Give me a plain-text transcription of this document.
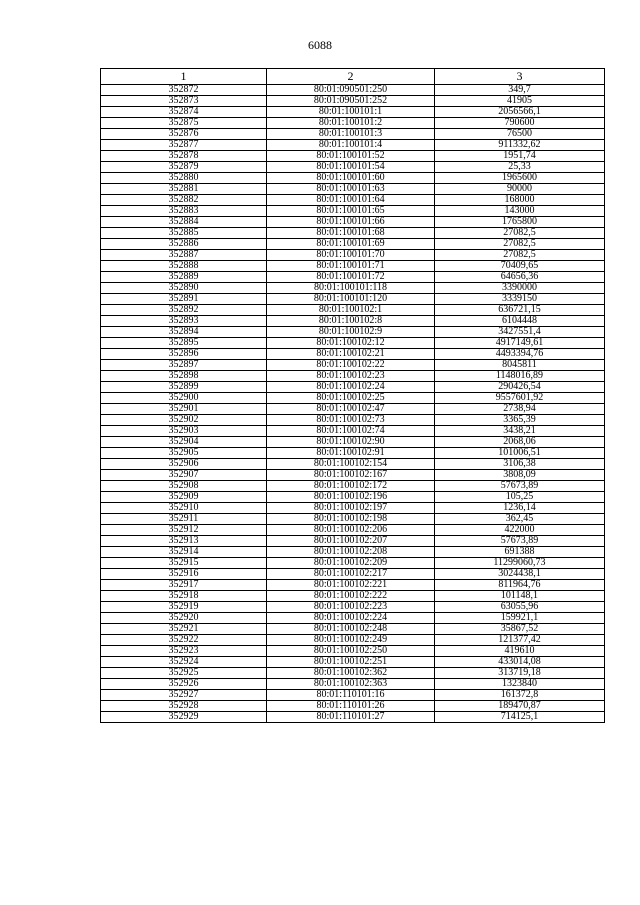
6088
1	2	3
352872	80:01:090501:250	349,7
352873	80:01:090501:252	41905
352874	80:01:100101:1	2056566,1
352875	80:01:100101:2	790600
352876	80:01:100101:3	76500
352877	80:01:100101:4	911332,62
352878	80:01:100101:52	1951,74
352879	80:01:100101:54	25,33
352880	80:01:100101:60	1965600
352881	80:01:100101:63	90000
352882	80:01:100101:64	168000
352883	80:01:100101:65	143000
352884	80:01:100101:66	1765800
352885	80:01:100101:68	27082,5
352886	80:01:100101:69	27082,5
352887	80:01:100101:70	27082,5
352888	80:01:100101:71	70409,65
352889	80:01:100101:72	64656,36
352890	80:01:100101:118	3390000
352891	80:01:100101:120	3339150
352892	80:01:100102:1	636721,15
352893	80:01:100102:8	6104448
352894	80:01:100102:9	3427551,4
352895	80:01:100102:12	4917149,61
352896	80:01:100102:21	4493394,76
352897	80:01:100102:22	8045811
352898	80:01:100102:23	1148016,89
352899	80:01:100102:24	290426,54
352900	80:01:100102:25	9557601,92
352901	80:01:100102:47	2738,94
352902	80:01:100102:73	3365,39
352903	80:01:100102:74	3438,21
352904	80:01:100102:90	2068,06
352905	80:01:100102:91	101006,51
352906	80:01:100102:154	3106,38
352907	80:01:100102:167	3808,09
352908	80:01:100102:172	57673,89
352909	80:01:100102:196	105,25
352910	80:01:100102:197	1236,14
352911	80:01:100102:198	362,45
352912	80:01:100102:206	422000
352913	80:01:100102:207	57673,89
352914	80:01:100102:208	691388
352915	80:01:100102:209	11299060,73
352916	80:01:100102:217	3024438,1
352917	80:01:100102:221	811964,76
352918	80:01:100102:222	101148,1
352919	80:01:100102:223	63055,96
352920	80:01:100102:224	159921,1
352921	80:01:100102:248	35867,52
352922	80:01:100102:249	121377,42
352923	80:01:100102:250	419610
352924	80:01:100102:251	433014,08
352925	80:01:100102:362	313719,18
352926	80:01:100102:363	1323840
352927	80:01:110101:16	161372,8
352928	80:01:110101:26	189470,87
352929	80:01:110101:27	714125,1
